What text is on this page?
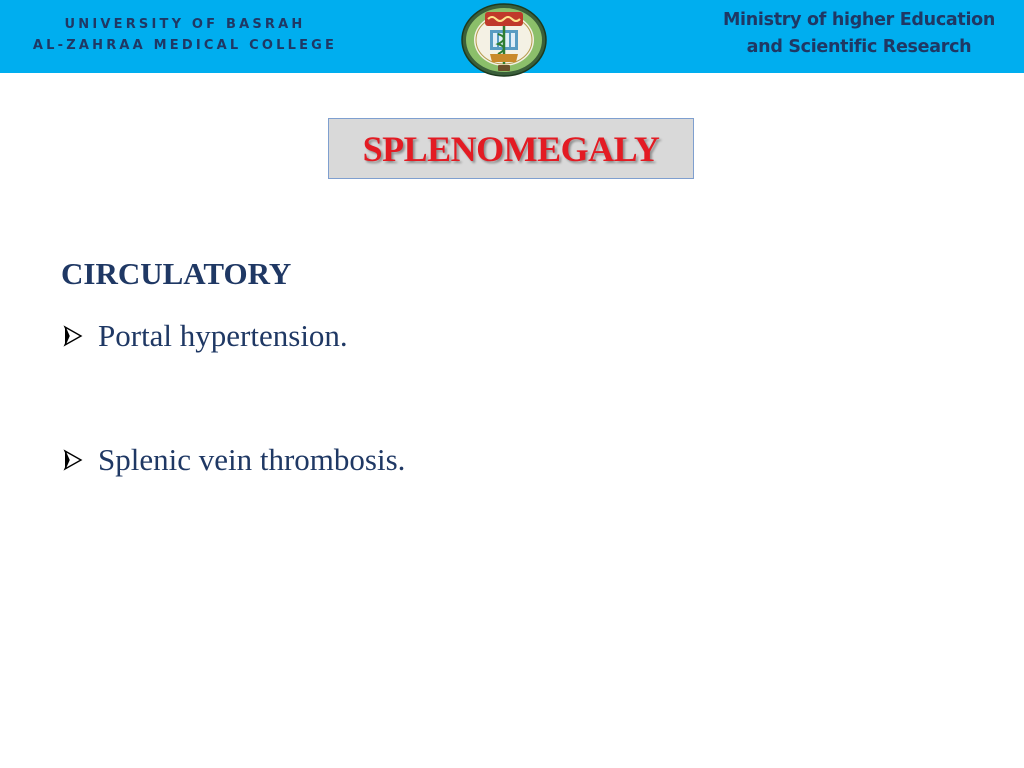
UNIVERSITY OF BASRAH
AL-ZAHRAA MEDICAL COLLEGE
Ministry of higher Education
and Scientific Research
SPLENOMEGALY
CIRCULATORY
Portal hypertension.
Splenic vein thrombosis.
